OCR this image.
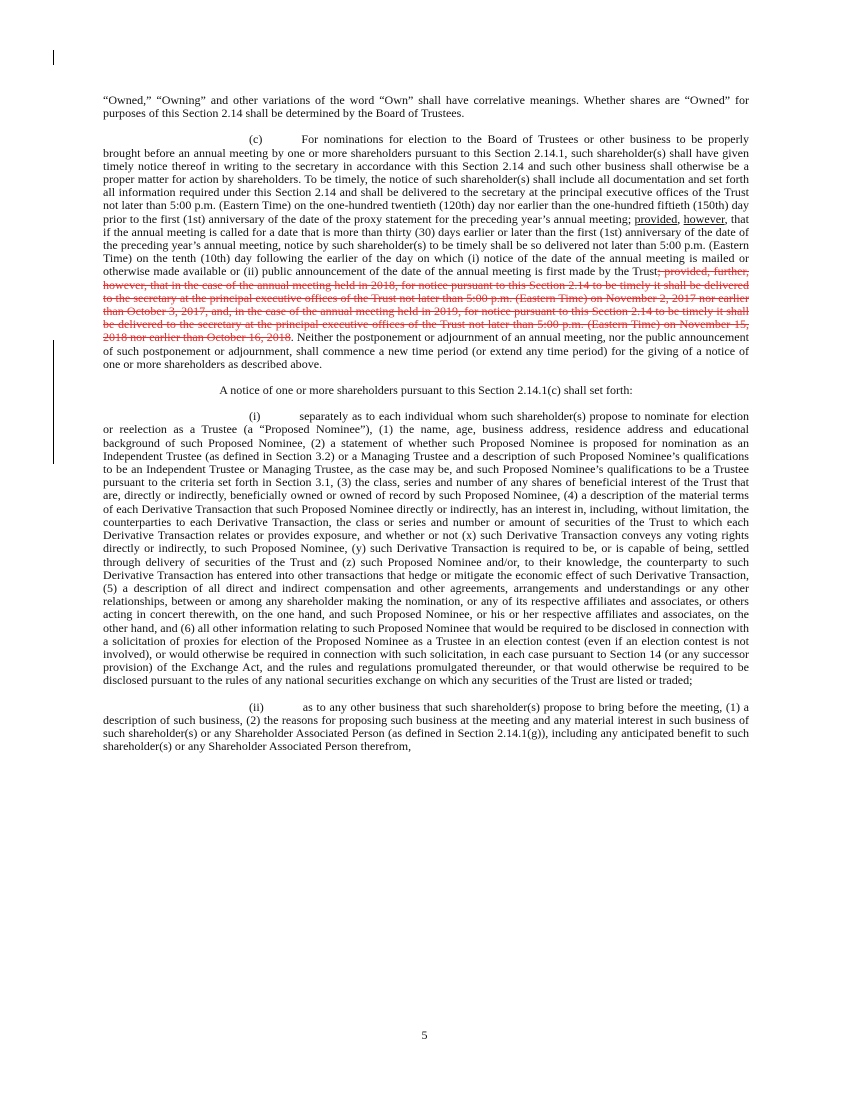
“Owned,” “Owning” and other variations of the word “Own” shall have correlative meanings. Whether shares are “Owned” for purposes of this Section 2.14 shall be determined by the Board of Trustees.

(c)	For nominations for election to the Board of Trustees or other business to be properly brought before an annual meeting by one or more shareholders pursuant to this Section 2.14.1, such shareholder(s) shall have given timely notice thereof in writing to the secretary in accordance with this Section 2.14 and such other business shall otherwise be a proper matter for action by shareholders. To be timely, the notice of such shareholder(s) shall include all documentation and set forth all information required under this Section 2.14 and shall be delivered to the secretary at the principal executive offices of the Trust not later than 5:00 p.m. (Eastern Time) on the one-hundred twentieth (120th) day nor earlier than the one-hundred fiftieth (150th) day prior to the first (1st) anniversary of the date of the proxy statement for the preceding year’s annual meeting; provided, however, that if the annual meeting is called for a date that is more than thirty (30) days earlier or later than the first (1st) anniversary of the date of the preceding year’s annual meeting, notice by such shareholder(s) to be timely shall be so delivered not later than 5:00 p.m. (Eastern Time) on the tenth (10th) day following the earlier of the day on which (i) notice of the date of the annual meeting is mailed or otherwise made available or (ii) public announcement of the date of the annual meeting is first made by the Trust; provided, further, however, that in the case of the annual meeting held in 2018, for notice pursuant to this Section 2.14 to be timely it shall be delivered to the secretary at the principal executive offices of the Trust not later than 5:00 p.m. (Eastern Time) on November 2, 2017 nor earlier than October 3, 2017, and, in the case of the annual meeting held in 2019, for notice pursuant to this Section 2.14 to be timely it shall be delivered to the secretary at the principal executive offices of the Trust not later than 5:00 p.m. (Eastern Time) on November 15, 2018 nor earlier than October 16, 2018. Neither the postponement or adjournment of an annual meeting, nor the public announcement of such postponement or adjournment, shall commence a new time period (or extend any time period) for the giving of a notice of one or more shareholders as described above.

A notice of one or more shareholders pursuant to this Section 2.14.1(c) shall set forth:

(i)	separately as to each individual whom such shareholder(s) propose to nominate for election or reelection as a Trustee (a “Proposed Nominee”), (1) the name, age, business address, residence address and educational background of such Proposed Nominee, (2) a statement of whether such Proposed Nominee is proposed for nomination as an Independent Trustee (as defined in Section 3.2) or a Managing Trustee and a description of such Proposed Nominee’s qualifications to be an Independent Trustee or Managing Trustee, as the case may be, and such Proposed Nominee’s qualifications to be a Trustee pursuant to the criteria set forth in Section 3.1, (3) the class, series and number of any shares of beneficial interest of the Trust that are, directly or indirectly, beneficially owned or owned of record by such Proposed Nominee, (4) a description of the material terms of each Derivative Transaction that such Proposed Nominee directly or indirectly, has an interest in, including, without limitation, the counterparties to each Derivative Transaction, the class or series and number or amount of securities of the Trust to which each Derivative Transaction relates or provides exposure, and whether or not (x) such Derivative Transaction conveys any voting rights directly or indirectly, to such Proposed Nominee, (y) such Derivative Transaction is required to be, or is capable of being, settled through delivery of securities of the Trust and (z) such Proposed Nominee and/or, to their knowledge, the counterparty to such Derivative Transaction has entered into other transactions that hedge or mitigate the economic effect of such Derivative Transaction, (5) a description of all direct and indirect compensation and other agreements, arrangements and understandings or any other relationships, between or among any shareholder making the nomination, or any of its respective affiliates and associates, or others acting in concert therewith, on the one hand, and such Proposed Nominee, or his or her respective affiliates and associates, on the other hand, and (6) all other information relating to such Proposed Nominee that would be required to be disclosed in connection with a solicitation of proxies for election of the Proposed Nominee as a Trustee in an election contest (even if an election contest is not involved), or would otherwise be required in connection with such solicitation, in each case pursuant to Section 14 (or any successor provision) of the Exchange Act, and the rules and regulations promulgated thereunder, or that would otherwise be required to be disclosed pursuant to the rules of any national securities exchange on which any securities of the Trust are listed or traded;

(ii)	as to any other business that such shareholder(s) propose to bring before the meeting, (1) a description of such business, (2) the reasons for proposing such business at the meeting and any material interest in such business of such shareholder(s) or any Shareholder Associated Person (as defined in Section 2.14.1(g)), including any anticipated benefit to such shareholder(s) or any Shareholder Associated Person therefrom,

5
